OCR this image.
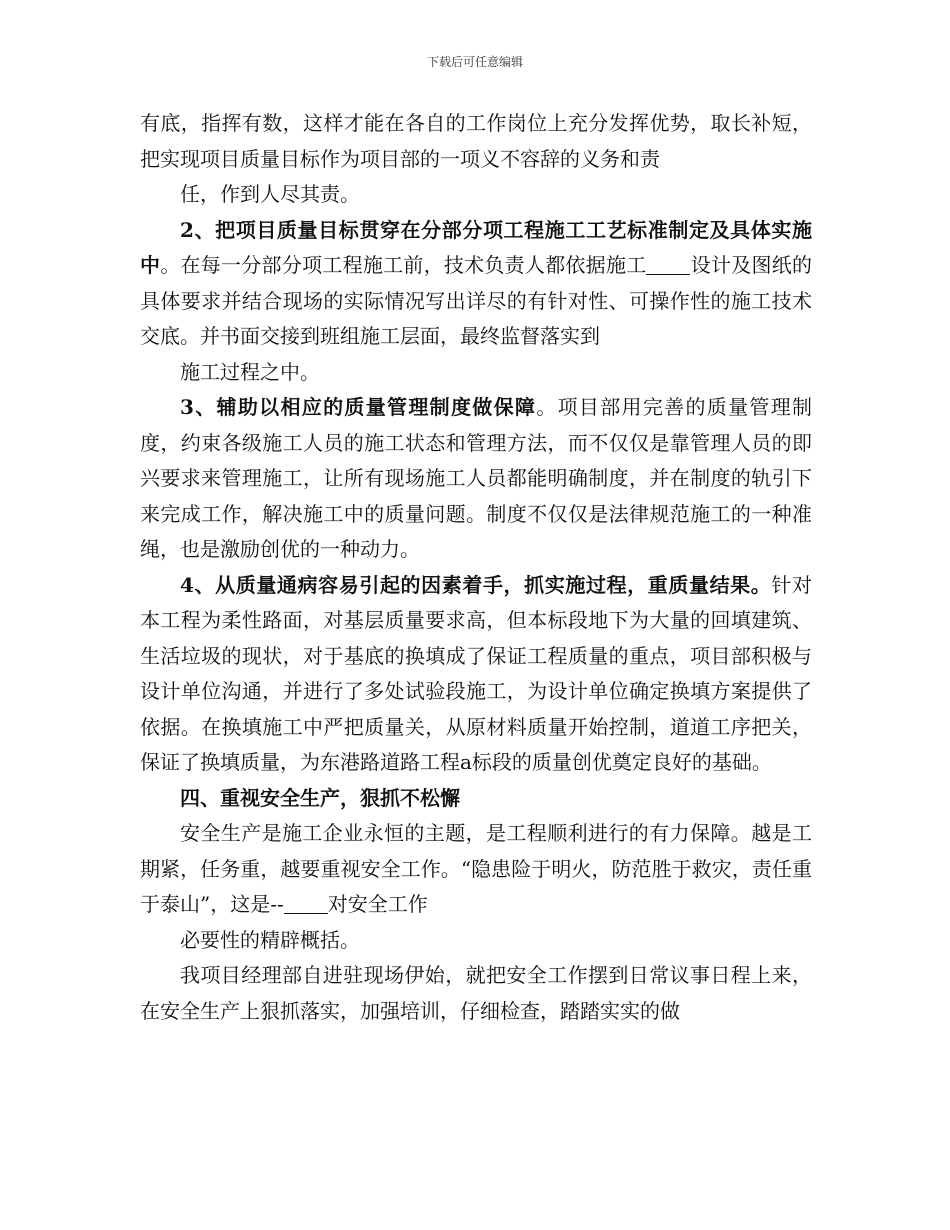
下载后可任意编辑

有底，指挥有数，这样才能在各自的工作岗位上充分发挥优势，取长补短，把实现项目质量目标作为项目部的一项义不容辞的义务和责

任，作到人尽其责。

2、把项目质量目标贯穿在分部分项工程施工工艺标准制定及具体实施中。在每一分部分项工程施工前，技术负责人都依据施工 设计及图纸的具体要求并结合现场的实际情况写出详尽的有针对性、可操作性的施工技术交底。并书面交接到班组施工层面，最终监督落实到

施工过程之中。

3、辅助以相应的质量管理制度做保障。项目部用完善的质量管理制度，约束各级施工人员的施工状态和管理方法，而不仅仅是靠管理人员的即兴要求来管理施工，让所有现场施工人员都能明确制度，并在制度的轨引下来完成工作，解决施工中的质量问题。制度不仅仅是法律规范施工的一种准绳，也是激励创优的一种动力。

4、从质量通病容易引起的因素着手，抓实施过程，重质量结果。针对本工程为柔性路面，对基层质量要求高，但本标段地下为大量的回填建筑、生活垃圾的现状，对于基底的换填成了保证工程质量的重点，项目部积极与设计单位沟通，并进行了多处试验段施工，为设计单位确定换填方案提供了依据。在换填施工中严把质量关，从原材料质量开始控制，道道工序把关，保证了换填质量，为东港路道路工程a标段的质量创优奠定良好的基础。

四、重视安全生产，狠抓不松懈

安全生产是施工企业永恒的主题，是工程顺利进行的有力保障。越是工期紧，任务重，越要重视安全工作。“隐患险于明火，防范胜于救灾，责任重于泰山”，这是-- 对安全工作

必要性的精辟概括。

我项目经理部自进驻现场伊始，就把安全工作摆到日常议事日程上来，在安全生产上狠抓落实，加强培训，仔细检查，踏踏实实的做
